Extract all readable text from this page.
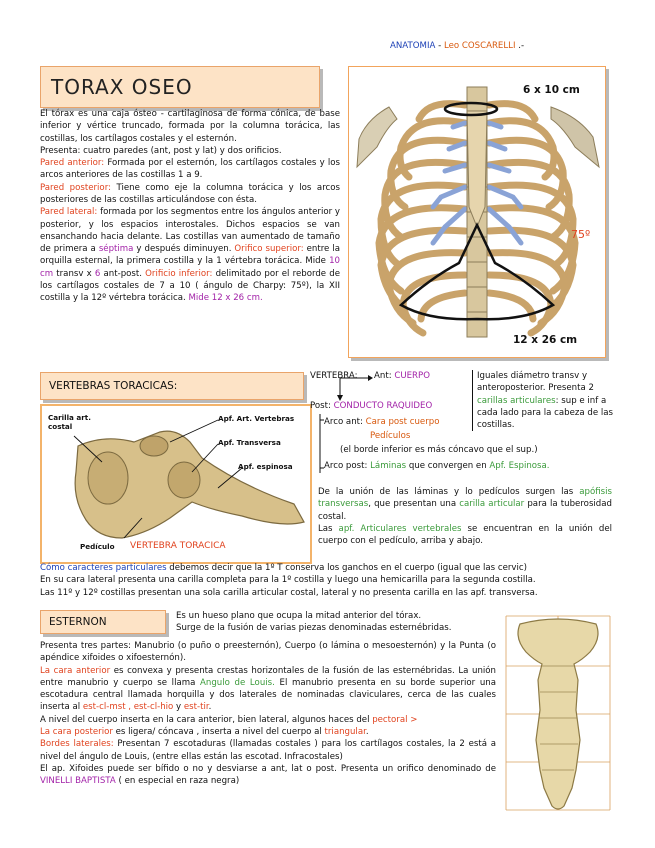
ANATOMIA - Leo COSCARELLI .-
TORAX OSEO

El tórax es una caja ósteo - cartilaginosa de forma cónica, de base inferior y vértice truncado, formada por la columna torácica, las costillas, los cartílagos costales y el esternón.

Presenta: cuatro paredes (ant, post y lat) y dos orificios.

Pared anterior: Formada por el esternón, los cartílagos costales y los arcos anteriores de las costillas 1 a 9.

Pared posterior: Tiene como eje la columna torácica y los arcos posteriores de las costillas articulándose con ésta.

Pared lateral: formada por los segmentos entre los ángulos anterior y posterior, y los espacios interostales. Dichos espacios se van ensanchando hacia delante. Las costillas van aumentado de tamaño de primera a séptima y después diminuyen. Orifico superior: entre la orquilla esternal, la primera costilla y la 1 vértebra torácica. Mide 10 cm transv x 6 ant-post. Orificio inferior: delimitado por el reborde de los cartílagos costales de 7 a 10 ( ángulo de Charpy: 75º), la XII costilla y la 12º vértebra torácica. Mide 12 x 26 cm.

6 x 10 cm
75º
12 x 26 cm
VERTEBRAS TORACICAS:
Carilla art.
costal
Apf. Art. Vertebras
Apf. Transversa
Apf. espinosa
Pedículo VERTEBRA TORACICA
VERTEBRA: Ant: CUERPO
Post: CONDUCTO RAQUIDEO
Arco ant: Cara post cuerpo
Pedículos
(el borde inferior es más cóncavo que el sup.)
Arco post: Láminas que convergen en Apf. Espinosa.
Iguales diámetro transv y anteroposterior. Presenta 2 carillas articulares: sup e inf a cada lado para la cabeza de las costillas.

De la unión de las láminas y lo pedículos surgen las apófisis transversas, que presentan una carilla articular para la tuberosidad costal.

Las apf. Articulares vertebrales se encuentran en la unión del cuerpo con el pedículo, arriba y abajo.

Cómo caracteres particulares debemos decir que la 1º T conserva los ganchos en el cuerpo (igual que las cervic)

En su cara lateral presenta una carilla completa para la 1º costilla y luego una hemicarilla para la segunda costilla.

Las 11º y 12º costillas presentan una sola carilla articular costal, lateral y no presenta carilla en las apf. transversa.

ESTERNON	Es un hueso plano que ocupa la mitad anterior del tórax.

Surge de la fusión de varias piezas denominadas esternébridas.

Presenta tres partes: Manubrio (o puño o preesternón), Cuerpo (o lámina o mesoesternón) y la Punta (o apéndice xifoides o xifoesternón).

La cara anterior es convexa y presenta crestas horizontales de la fusión de las esternébridas. La unión entre manubrio y cuerpo se llama Angulo de Louis. El manubrio presenta en su borde superior una escotadura central llamada horquilla y dos laterales de nominadas claviculares, cerca de las cuales inserta al est-cl-mst , est-cl-hio y est-tir.

A nivel del cuerpo inserta en la cara anterior, bien lateral, algunos haces del pectoral >

La cara posterior es ligera/ cóncava , inserta a nivel del cuerpo al triangular.

Bordes laterales: Presentan 7 escotaduras (llamadas costales ) para los cartílagos costales, la 2 está a nivel del ángulo de Louis, (entre ellas están las escotad. Infracostales)

El ap. Xifoides puede ser bífido o no y desviarse a ant, lat o post. Presenta un orifico denominado de VINELLI BAPTISTA ( en especial en raza negra)
